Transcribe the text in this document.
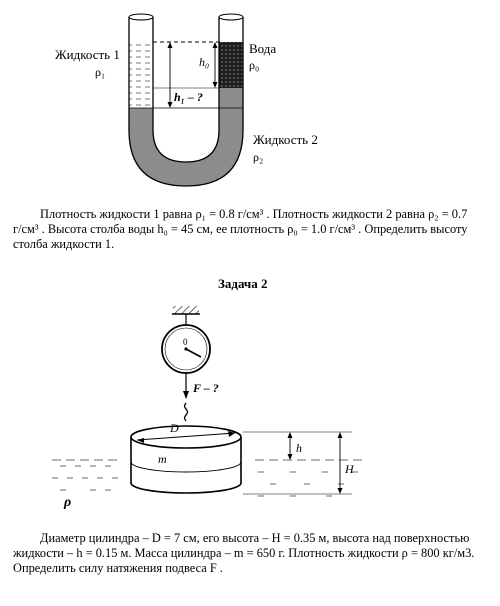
Жидкость 1
ρ₁
Вода
ρ₀
h₀
h₁ – ?
Жидкость 2
ρ₂
Плотность жидкости 1 равна ρ₁ = 0.8 г/см³ . Плотность жидкости 2 равна ρ₂ = 0.7
г/см³ . Высота столба воды h₀ = 45 см, ее плотность ρ₀ = 1.0 г/см³ . Определить высоту
столба жидкости 1.
Задача 2
0
F – ?
D
m
h
H
ρ
Диаметр цилиндра – D = 7 см, его высота – H = 0.35 м, высота над поверхностью
жидкости – h = 0.15 м. Масса цилиндра – m = 650 г. Плотность жидкости ρ = 800 кг/м3.
Определить силу натяжения подвеса F .
